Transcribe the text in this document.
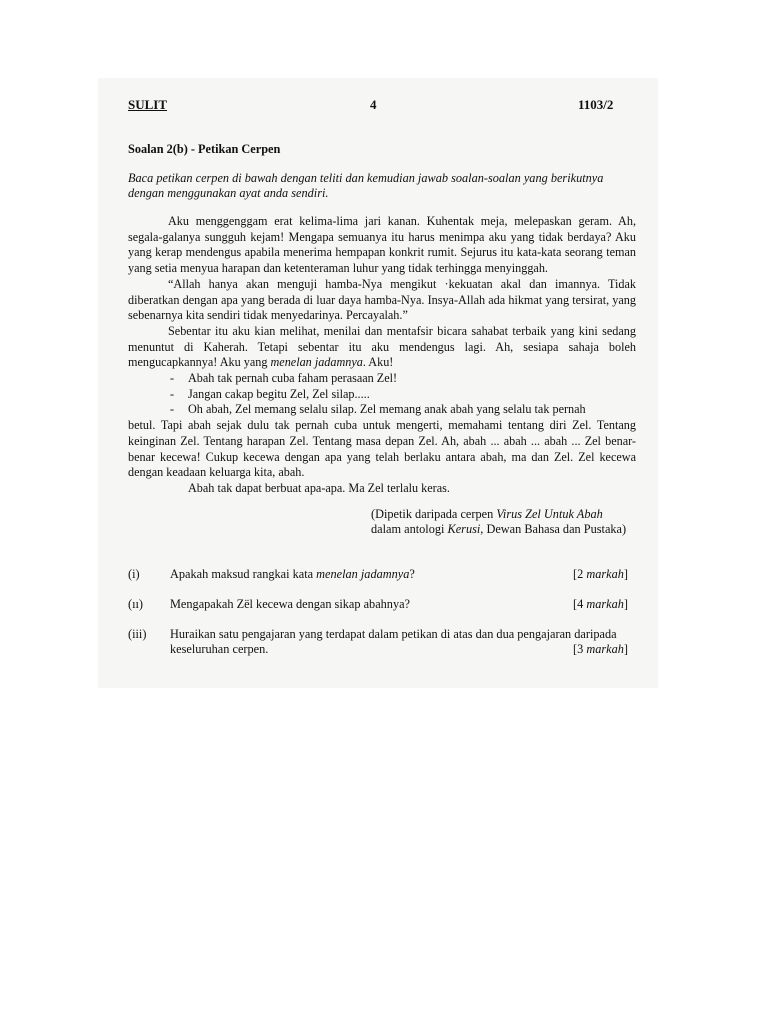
SULIT	4	1103/2
Soalan 2(b) - Petikan Cerpen
Baca petikan cerpen di bawah dengan teliti dan kemudian jawab soalan-soalan yang berikutnya
dengan menggunakan ayat anda sendiri.

Aku menggenggam erat kelima-lima jari kanan. Kuhentak meja, melepaskan geram. Ah, segala-galanya sungguh kejam! Mengapa semuanya itu harus menimpa aku yang tidak berdaya? Aku yang kerap mendengus apabila menerima hempapan konkrit rumit. Sejurus itu kata-kata seorang teman yang setia menyua harapan dan ketenteraman luhur yang tidak terhingga menyinggah.

“Allah hanya akan menguji hamba-Nya mengikut ·kekuatan akal dan imannya. Tidak diberatkan dengan apa yang berada di luar daya hamba-Nya. Insya-Allah ada hikmat yang tersirat, yang sebenarnya kita sendiri tidak menyedarinya. Percayalah.”

Sebentar itu aku kian melihat, menilai dan mentafsir bicara sahabat terbaik yang kini sedang menuntut di Kaherah. Tetapi sebentar itu aku mendengus lagi. Ah, sesiapa sahaja boleh mengucapkannya! Aku yang menelan jadamnya. Aku!

-	Abah tak pernah cuba faham perasaan Zel!
-	Jangan cakap begitu Zel, Zel silap.....
-	Oh abah, Zel memang selalu silap. Zel memang anak abah yang selalu tak pernah

betul. Tapi abah sejak dulu tak pernah cuba untuk mengerti, memahami tentang diri Zel. Tentang keinginan Zel. Tentang harapan Zel. Tentang masa depan Zel. Ah, abah ... abah ... abah ... Zel benar-benar kecewa! Cukup kecewa dengan apa yang telah berlaku antara abah, ma dan Zel. Zel kecewa dengan keadaan keluarga kita, abah.

Abah tak dapat berbuat apa-apa. Ma Zel terlalu keras.

(Dipetik daripada cerpen Virus Zel Untuk Abah
dalam antologi Kerusi, Dewan Bahasa dan Pustaka)
(i) Apakah maksud rangkai kata menelan jadamnya?	[2 markah]
(ıı) Mengapakah Zël kecewa dengan sikap abahnya?	[4 markah]
(iii) Huraikan satu pengajaran yang terdapat dalam petikan di atas dan dua pengajaran daripada
keseluruhan cerpen.	[3 markah]
